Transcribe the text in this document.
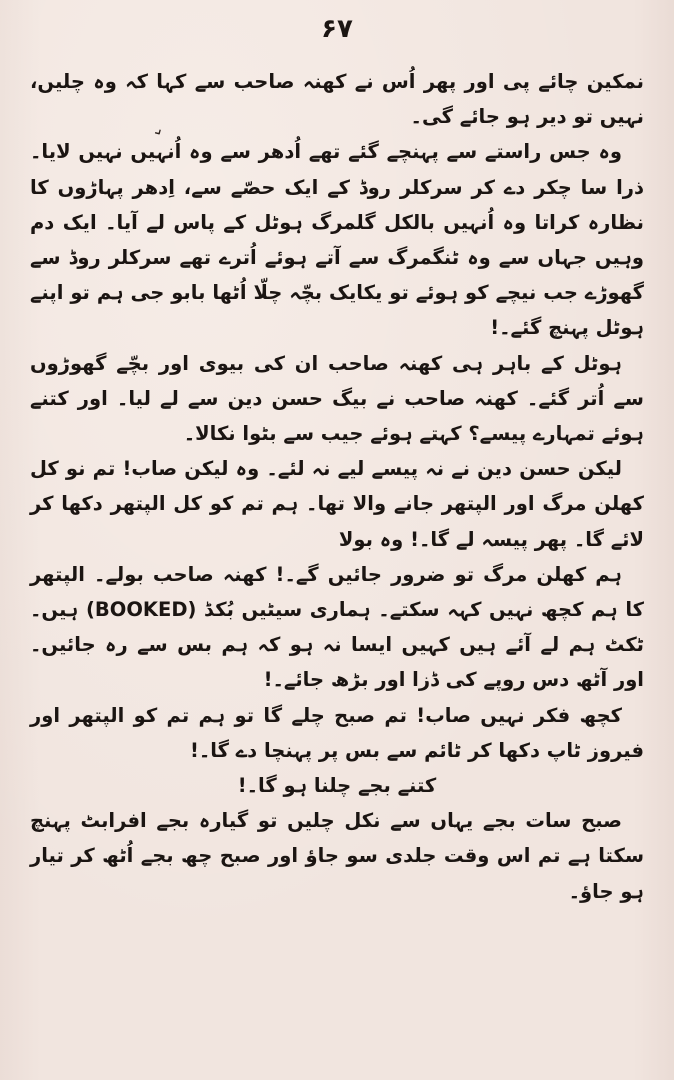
۶۷
⌄

نمکین چائے پی اور پھر اُس نے کھنہ صاحب سے کہا کہ وہ چلیں، نہیں تو دیر ہو جائے گی۔

وہ جس راستے سے پہنچے گئے تھے اُدھر سے وہ اُنہیں نہیں لایا۔ ذرا سا چکر دے کر سرکلر روڈ کے ایک حصّے سے، اِدھر پہاڑوں کا نظارہ کراتا وہ اُنہیں بالکل گلمرگ ہوٹل کے پاس لے آیا۔ ایک دم وہیں جہاں سے وہ ٹنگمرگ سے آتے ہوئے اُترے تھے سرکلر روڈ سے گھوڑے جب نیچے کو ہوئے تو یکایک بچّہ چلّا اُٹھا بابو جی ہم تو اپنے ہوٹل پہنچ گئے۔!

ہوٹل کے باہر ہی کھنہ صاحب ان کی بیوی اور بچّے گھوڑوں سے اُتر گئے۔ کھنہ صاحب نے بیگ حسن دین سے لے لیا۔ اور کتنے ہوئے تمہارے پیسے؟ کہتے ہوئے جیب سے بٹوا نکالا۔

لیکن حسن دین نے نہ پیسے لیے نہ لئے۔ وہ لیکن صاب! تم نو کل کھلن مرگ اور الپتھر جانے والا تھا۔ ہم تم کو کل الپتھر دکھا کر لائے گا۔ پھر پیسہ لے گا۔! وہ بولا

ہم کھلن مرگ تو ضرور جائیں گے۔! کھنہ صاحب بولے۔ الپتھر کا ہم کچھ نہیں کہہ سکتے۔ ہماری سیٹیں بُکڈ (BOOKED) ہیں۔ ٹکٹ ہم لے آئے ہیں کہیں ایسا نہ ہو کہ ہم بس سے رہ جائیں۔ اور آٹھ دس روپے کی ڈزا اور بڑھ جائے۔!

کچھ فکر نہیں صاب! تم صبح چلے گا تو ہم تم کو الپتھر اور فیروز ٹاپ دکھا کر ٹائم سے بس پر پہنچا دے گا۔!

کتنے بجے چلنا ہو گا۔!

صبح سات بجے یہاں سے نکل چلیں تو گیارہ بجے افرابٹ پہنچ سکتا ہے تم اس وقت جلدی سو جاؤ اور صبح چھ بجے اُٹھ کر تیار ہو جاؤ۔
